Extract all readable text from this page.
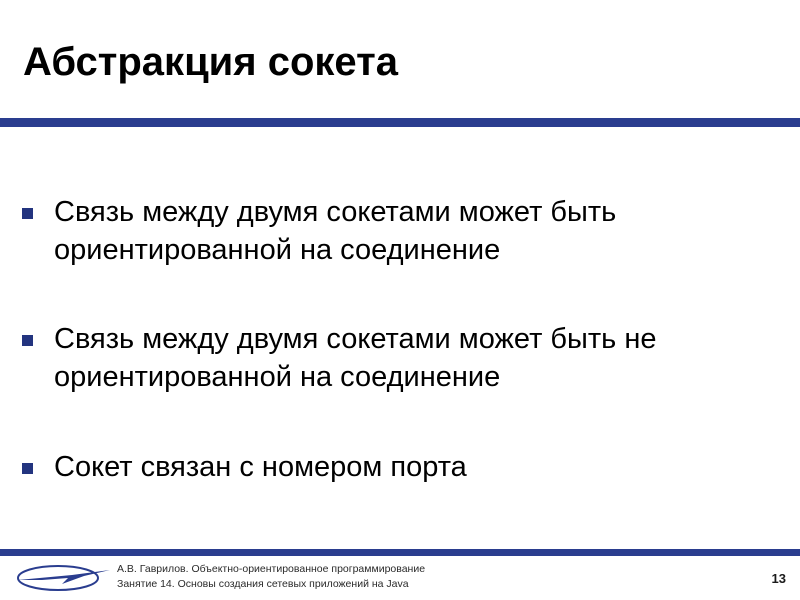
Абстракция сокета
Связь между двумя сокетами может быть ориентированной на соединение
Связь между двумя сокетами может быть не ориентированной на соединение
Сокет связан с номером порта
А.В. Гаврилов. Объектно-ориентированное программирование
Занятие 14. Основы создания сетевых приложений на Java	13
